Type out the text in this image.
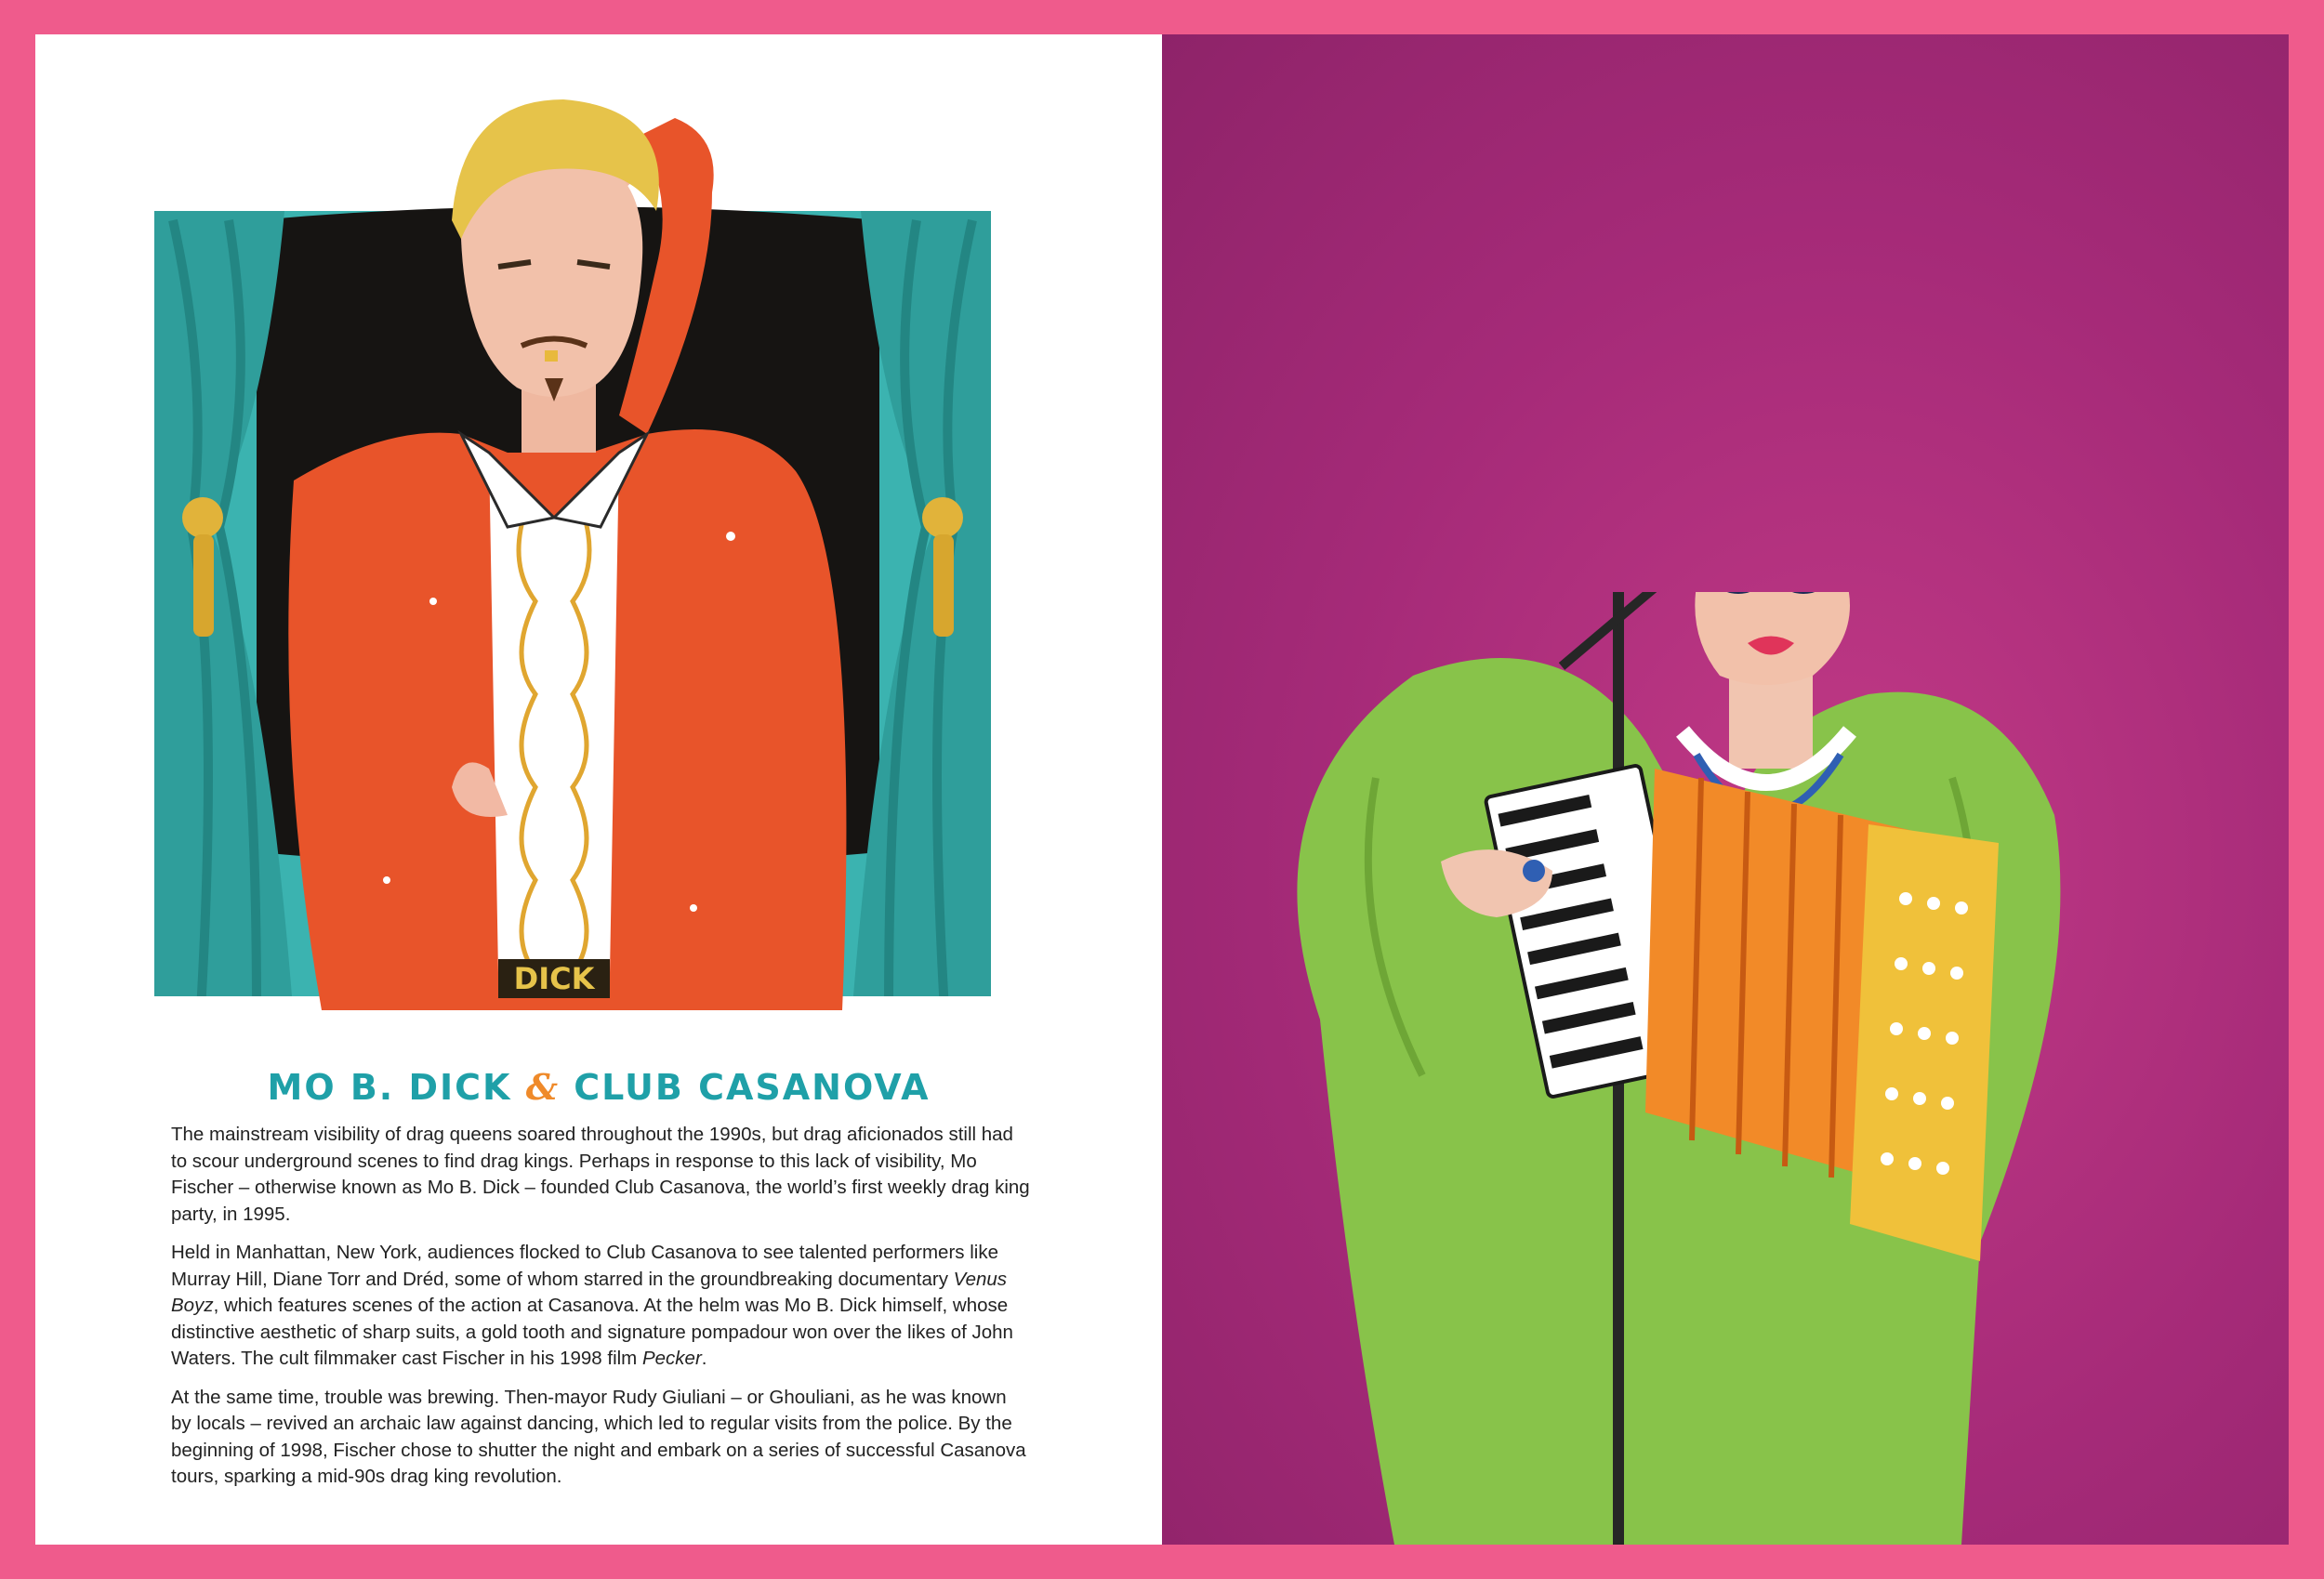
DICK
MO B. DICK & CLUB CASANOVA

The mainstream visibility of drag queens soared throughout the 1990s, but drag aficionados still had to scour underground scenes to find drag kings. Perhaps in response to this lack of visibility, Mo Fischer – otherwise known as Mo B. Dick – founded Club Casanova, the world’s first weekly drag king party, in 1995.

Held in Manhattan, New York, audiences flocked to Club Casanova to see talented performers like Murray Hill, Diane Torr and Dréd, some of whom starred in the groundbreaking documentary Venus Boyz, which features scenes of the action at Casanova. At the helm was Mo B. Dick himself, whose distinctive aesthetic of sharp suits, a gold tooth and signature pompadour won over the likes of John Waters. The cult filmmaker cast Fischer in his 1998 film Pecker.

At the same time, trouble was brewing. Then-mayor Rudy Giuliani – or Ghouliani, as he was known by locals – revived an archaic law against dancing, which led to regular visits from the police. By the beginning of 1998, Fischer chose to shutter the night and embark on a series of successful Casanova tours, sparking a mid-90s drag king revolution.
